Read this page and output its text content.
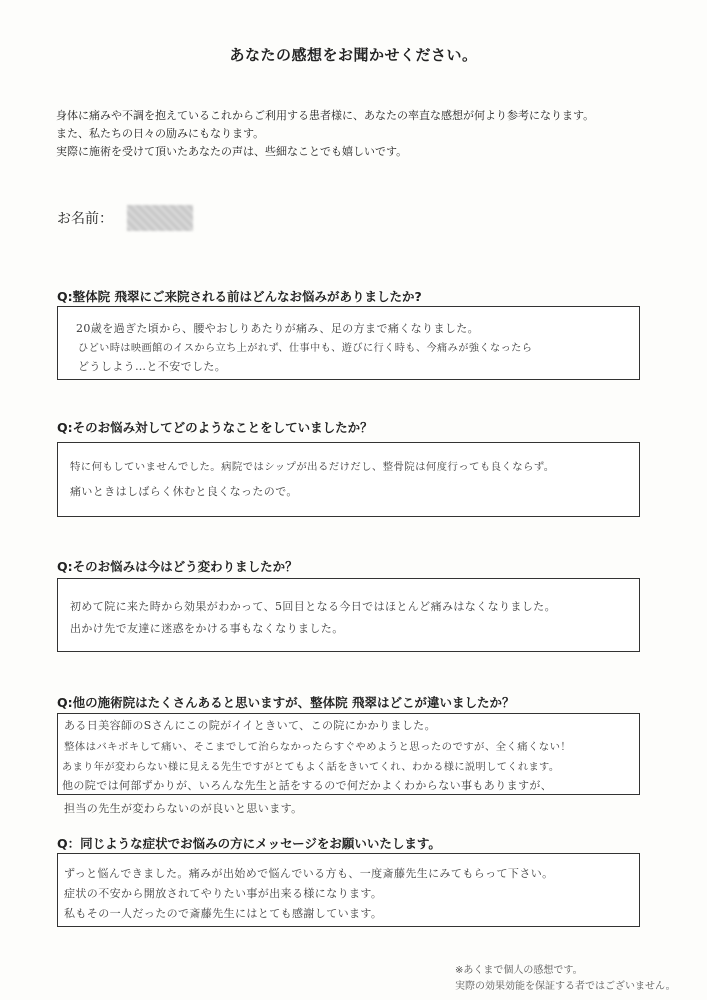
あなたの感想をお聞かせください。
身体に痛みや不調を抱えているこれからご利用する患者様に、あなたの率直な感想が何より参考になります。
また、私たちの日々の励みにもなります。
実際に施術を受けて頂いたあなたの声は、些細なことでも嬉しいです。
お名前：
Q:整体院 飛翠にご来院される前はどんなお悩みがありましたか?
20歳を過ぎた頃から、腰やおしりあたりが痛み、足の方まで痛くなりました。
ひどい時は映画館のイスから立ち上がれず、仕事中も、遊びに行く時も、今痛みが強くなったら
どうしよう…と不安でした。
Q:そのお悩み対してどのようなことをしていましたか？
特に何もしていませんでした。病院ではシップが出るだけだし、整骨院は何度行っても良くならず。
痛いときはしばらく休むと良くなったので。
Q:そのお悩みは今はどう変わりましたか？
初めて院に来た時から効果がわかって、5回目となる今日ではほとんど痛みはなくなりました。
出かけ先で友達に迷惑をかける事もなくなりました。
Q:他の施術院はたくさんあると思いますが、整体院 飛翠はどこが違いましたか？
ある日美容師のSさんにこの院がイイときいて、この院にかかりました。
整体はバキボキして痛い、そこまでして治らなかったらすぐやめようと思ったのですが、全く痛くない！
あまり年が変わらない様に見える先生ですがとてもよく話をきいてくれ、わかる様に説明してくれます。
他の院では何部ずかりが、いろんな先生と話をするので何だかよくわからない事もありますが、
担当の先生が変わらないのが良いと思います。
Q：同じような症状でお悩みの方にメッセージをお願いいたします。
ずっと悩んできました。痛みが出始めで悩んでいる方も、一度斎藤先生にみてもらって下さい。
症状の不安から開放されてやりたい事が出来る様になります。
私もその一人だったので斎藤先生にはとても感謝しています。
※あくまで個人の感想です。
実際の効果効能を保証する者ではございません。
